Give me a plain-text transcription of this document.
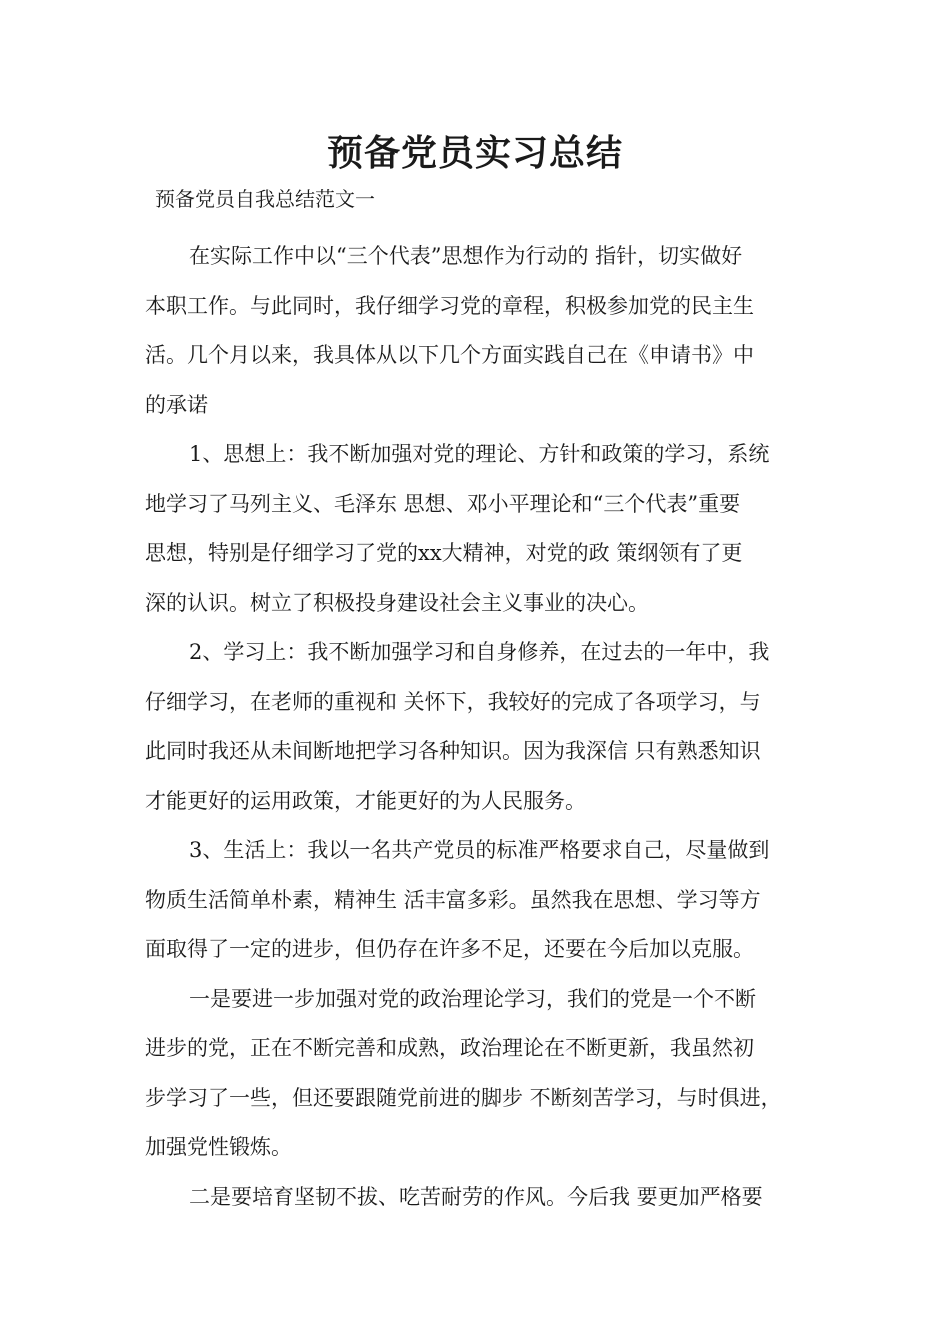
预备党员实习总结

预备党员自我总结范文一

在实际工作中以“三个代表”思想作为行动的 指针，切实做好
本职工作。与此同时，我仔细学习党的章程，积极参加党的民主生
活。几个月以来，我具体从以下几个方面实践自己在《申请书》中
的承诺

1、思想上：我不断加强对党的理论、方针和政策的学习，系统
地学习了马列主义、毛泽东 思想、邓小平理论和“三个代表”重要
思想，特别是仔细学习了党的xx大精神，对党的政 策纲领有了更
深的认识。树立了积极投身建设社会主义事业的决心。

2、学习上：我不断加强学习和自身修养，在过去的一年中，我
仔细学习，在老师的重视和 关怀下，我较好的完成了各项学习，与
此同时我还从未间断地把学习各种知识。因为我深信 只有熟悉知识
才能更好的运用政策，才能更好的为人民服务。

3、生活上：我以一名共产党员的标准严格要求自己，尽量做到
物质生活简单朴素，精神生 活丰富多彩。虽然我在思想、学习等方
面取得了一定的进步，但仍存在许多不足，还要在今后加以克服。

一是要进一步加强对党的政治理论学习，我们的党是一个不断
进步的党，正在不断完善和成熟，政治理论在不断更新，我虽然初
步学习了一些，但还要跟随党前进的脚步 不断刻苦学习，与时俱进，
加强党性锻炼。

二是要培育坚韧不拔、吃苦耐劳的作风。今后我 要更加严格要
